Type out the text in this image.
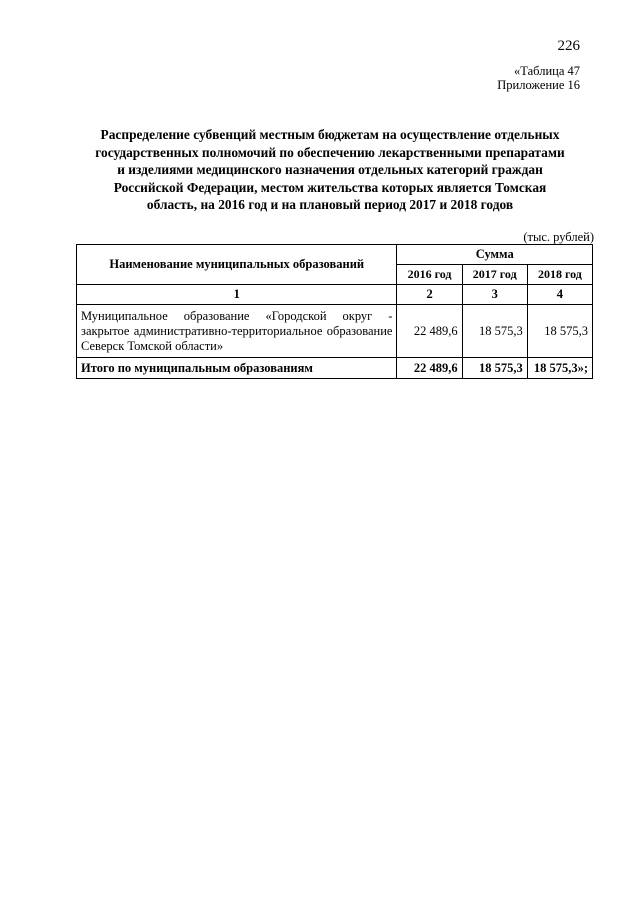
226
«Таблица 47
Приложение 16
Распределение субвенций местным бюджетам на осуществление отдельных
государственных полномочий по обеспечению лекарственными препаратами
и изделиями медицинского назначения отдельных категорий граждан
Российской Федерации, местом жительства которых является Томская
область, на 2016 год и на плановый период 2017 и 2018 годов
(тыс. рублей)
Наименование муниципальных образований	Сумма		
	2016 год	2017 год	2018 год
1	2	3	4
Муниципальное образование «Городской округ - закрытое административно-территориальное образование Северск Томской области»	22 489,6	18 575,3	18 575,3
Итого по муниципальным образованиям	22 489,6	18 575,3	18 575,3»;
